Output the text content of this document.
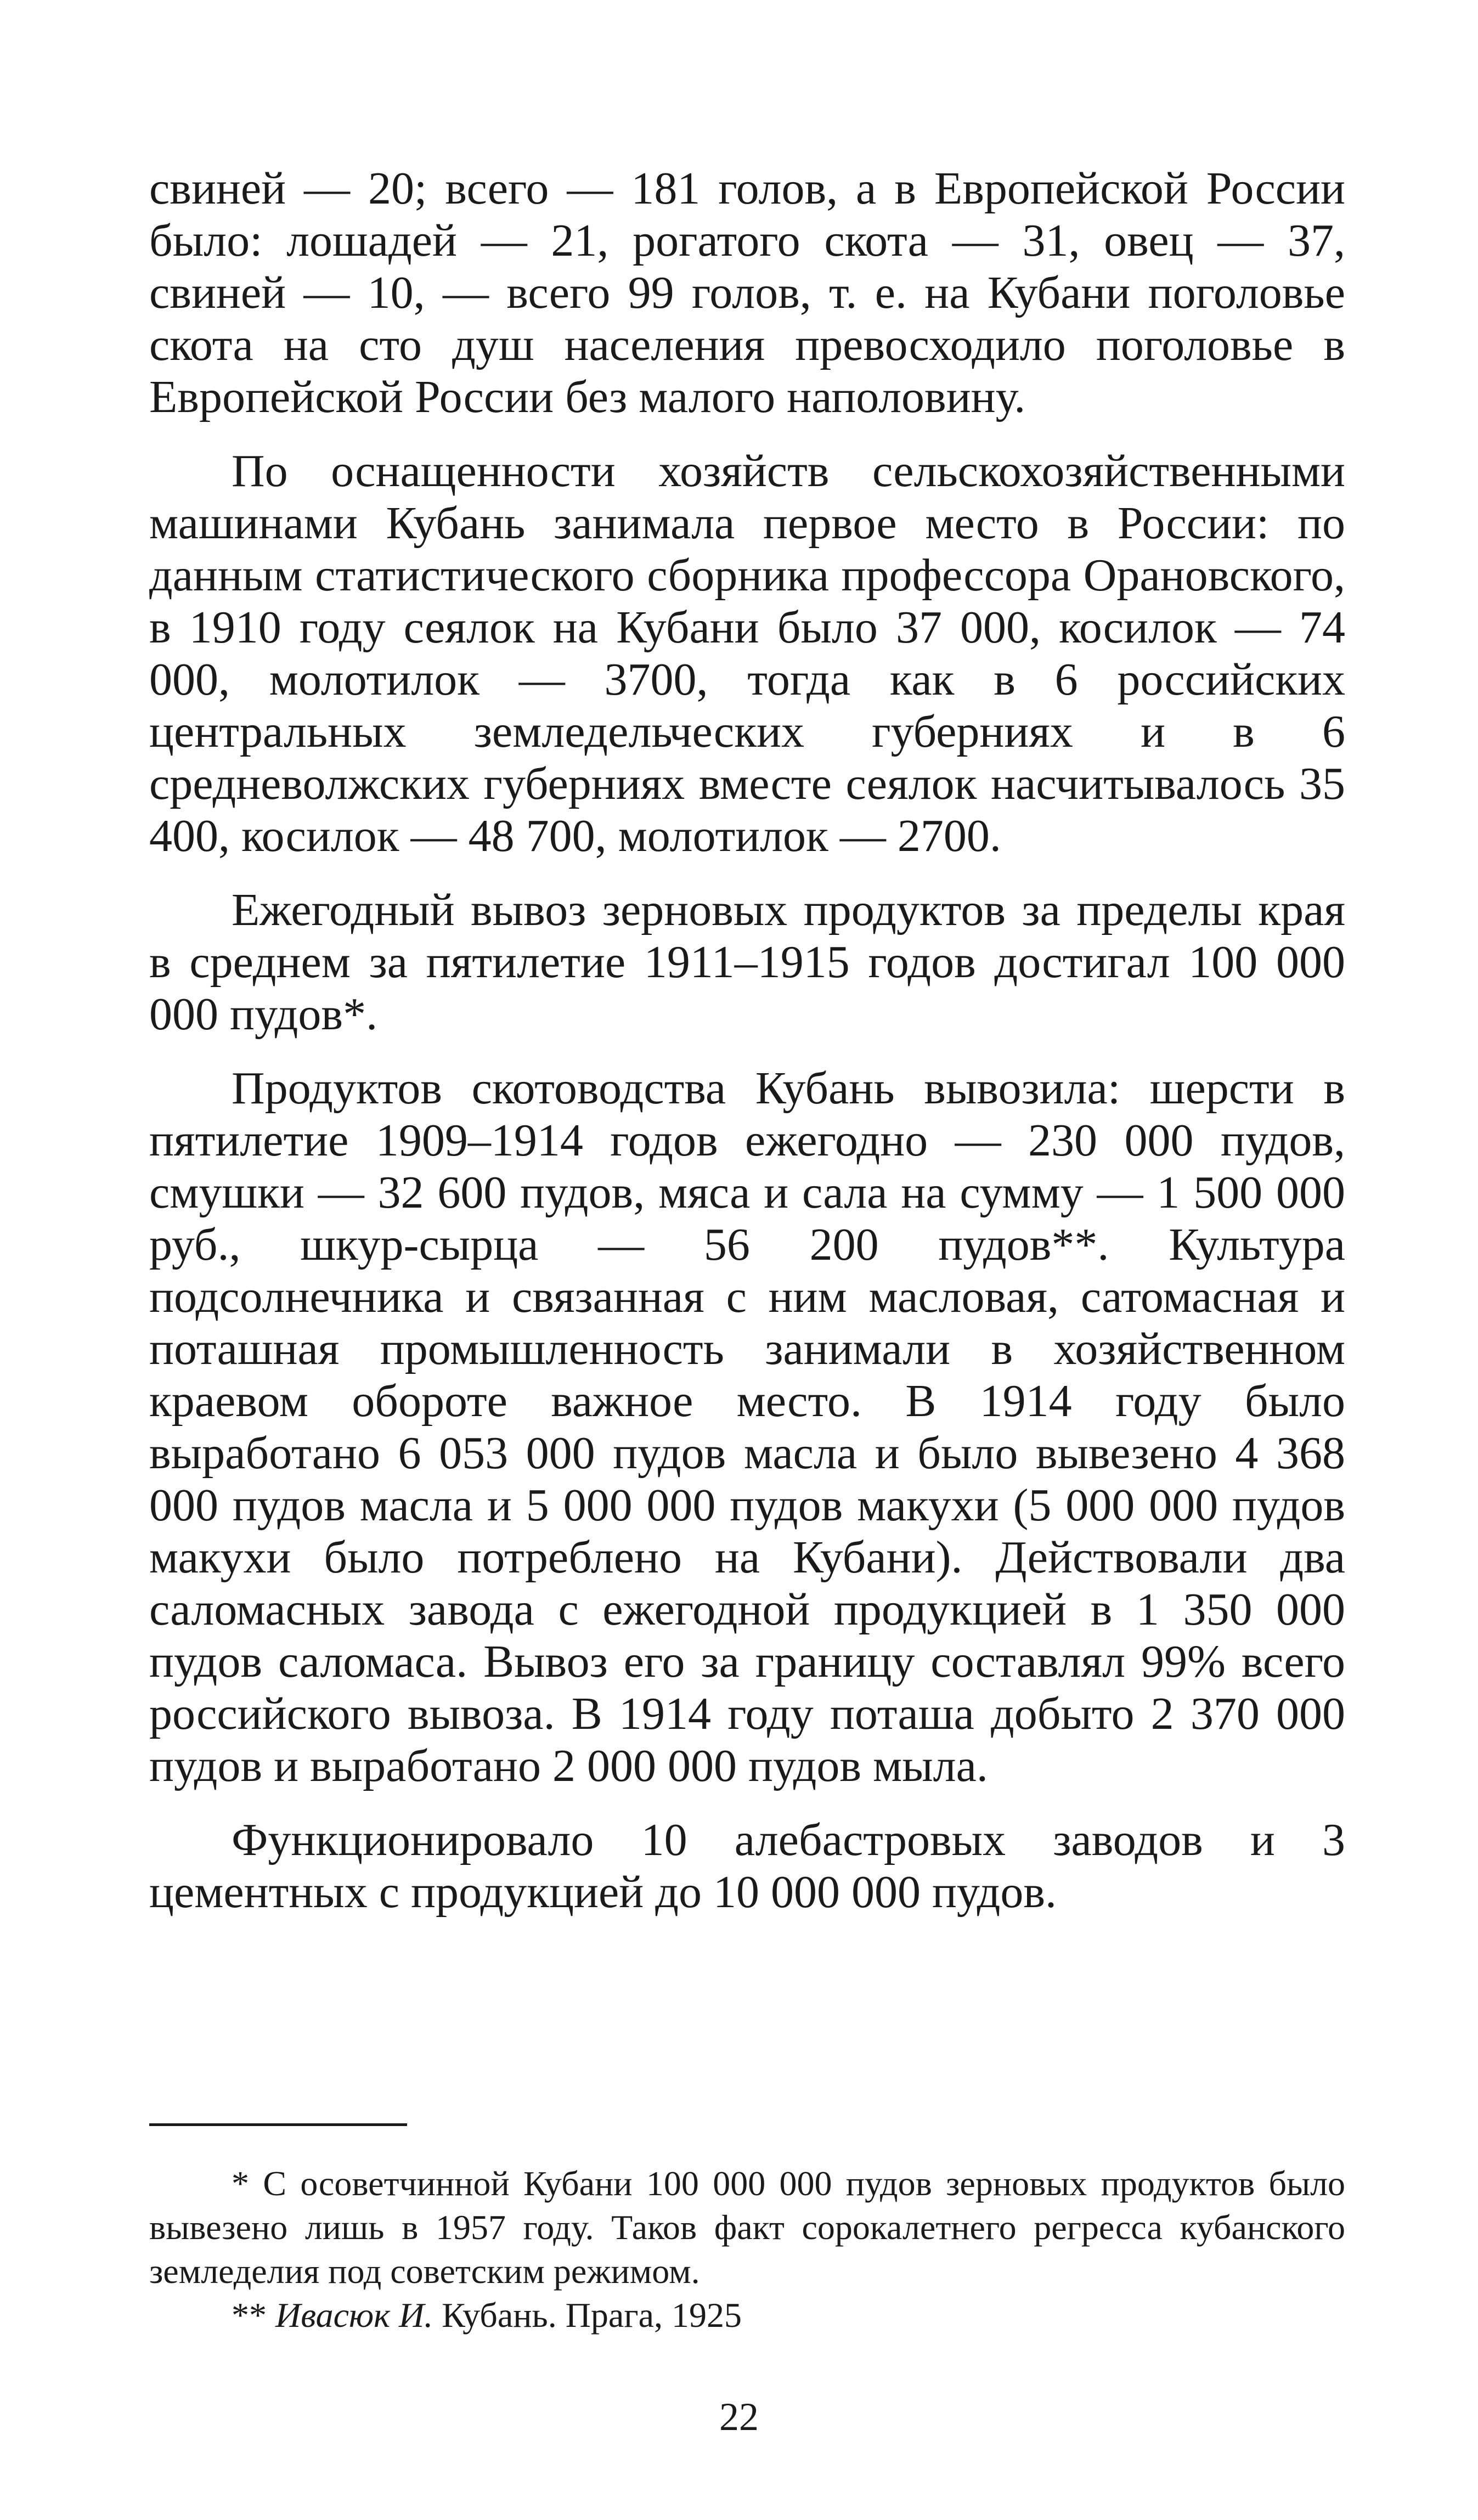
свиней — 20; всего — 181 голов, а в Европейской России было: лошадей — 21, рогатого скота — 31, овец — 37, свиней — 10, — всего 99 голов, т. е. на Кубани поголовье скота на сто душ населения превосходило поголовье в Европейской России без малого наполовину.

По оснащенности хозяйств сельскохозяйственными машинами Кубань занимала первое место в России: по данным статистического сборника профессора Орановского, в 1910 году сеялок на Кубани было 37 000, косилок — 74 000, молотилок — 3700, тогда как в 6 российских центральных земледельческих губерниях и в 6 средневолжских губерниях вместе сеялок насчитывалось 35 400, косилок — 48 700, молотилок — 2700.

Ежегодный вывоз зерновых продуктов за пределы края в среднем за пятилетие 1911–1915 годов достигал 100 000 000 пудов*.

Продуктов скотоводства Кубань вывозила: шерсти в пятилетие 1909–1914 годов ежегодно — 230 000 пудов, смушки — 32 600 пудов, мяса и сала на сумму — 1 500 000 руб., шкур-сырца — 56 200 пудов**. Культура подсолнечника и связанная с ним масловая, сатомасная и поташная промышленность занимали в хозяйственном краевом обороте важное место. В 1914 году было выработано 6 053 000 пудов масла и было вывезено 4 368 000 пудов масла и 5 000 000 пудов макухи (5 000 000 пудов макухи было потреблено на Кубани). Действовали два саломасных завода с ежегодной продукцией в 1 350 000 пудов саломаса. Вывоз его за границу составлял 99% всего российского вывоза. В 1914 году поташа добыто 2 370 000 пудов и выработано 2 000 000 пудов мыла.

Функционировало 10 алебастровых заводов и 3 цементных с продукцией до 10 000 000 пудов.

* С осоветчинной Кубани 100 000 000 пудов зерновых продуктов было вывезено лишь в 1957 году. Таков факт сорокалетнего регресса кубанского земледелия под советским режимом.

** Ивасюк И. Кубань. Прага, 1925

22
